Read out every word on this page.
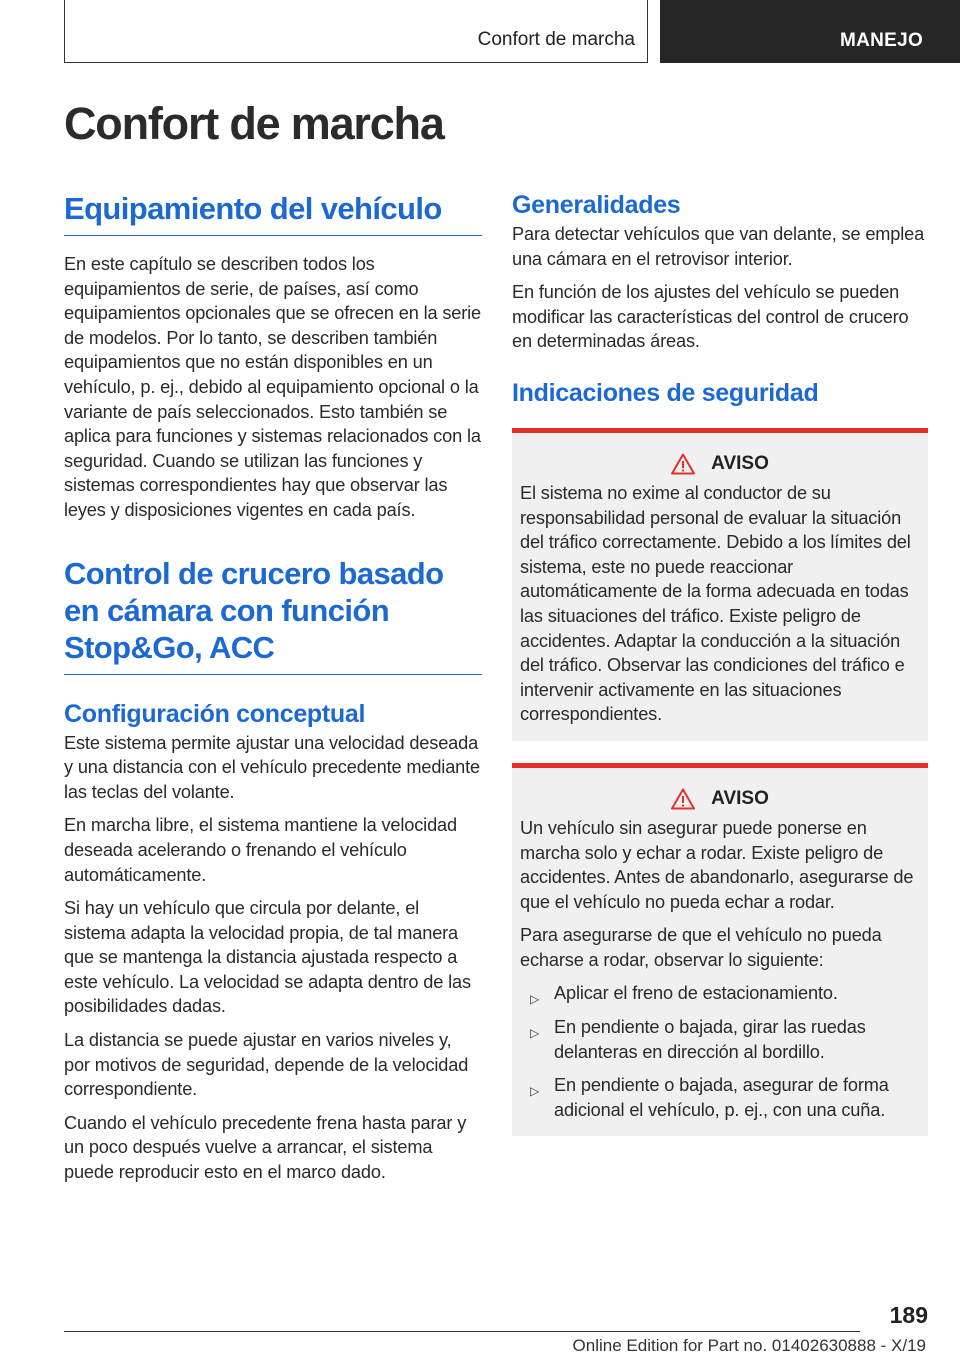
Confort de marcha	MANEJO
Confort de marcha
Equipamiento del vehículo

En este capítulo se describen todos los equipamientos de serie, de países, así como equipamientos opcionales que se ofrecen en la serie de modelos. Por lo tanto, se describen también equipamientos que no están disponibles en un vehículo, p. ej., debido al equipamiento opcional o la variante de país seleccionados. Esto también se aplica para funciones y sistemas relacionados con la seguridad. Cuando se utilizan las funciones y sistemas correspondientes hay que observar las leyes y disposiciones vigentes en cada país.

Control de crucero basado en cámara con función Stop&Go, ACC
Configuración conceptual

Este sistema permite ajustar una velocidad deseada y una distancia con el vehículo precedente mediante las teclas del volante.

En marcha libre, el sistema mantiene la velocidad deseada acelerando o frenando el vehículo automáticamente.

Si hay un vehículo que circula por delante, el sistema adapta la velocidad propia, de tal manera que se mantenga la distancia ajustada respecto a este vehículo. La velocidad se adapta dentro de las posibilidades dadas.

La distancia se puede ajustar en varios niveles y, por motivos de seguridad, depende de la velocidad correspondiente.

Cuando el vehículo precedente frena hasta parar y un poco después vuelve a arrancar, el sistema puede reproducir esto en el marco dado.

Generalidades

Para detectar vehículos que van delante, se emplea una cámara en el retrovisor interior.

En función de los ajustes del vehículo se pueden modificar las características del control de crucero en determinadas áreas.

Indicaciones de seguridad
AVISO

El sistema no exime al conductor de su responsabilidad personal de evaluar la situación del tráfico correctamente. Debido a los límites del sistema, este no puede reaccionar automáticamente de la forma adecuada en todas las situaciones del tráfico. Existe peligro de accidentes. Adaptar la conducción a la situación del tráfico. Observar las condiciones del tráfico e intervenir activamente en las situaciones correspondientes.

AVISO

Un vehículo sin asegurar puede ponerse en marcha solo y echar a rodar. Existe peligro de accidentes. Antes de abandonarlo, asegurarse de que el vehículo no pueda echar a rodar.

Para asegurarse de que el vehículo no pueda echarse a rodar, observar lo siguiente:

▷ Aplicar el freno de estacionamiento.
▷ En pendiente o bajada, girar las ruedas delanteras en dirección al bordillo.
▷ En pendiente o bajada, asegurar de forma adicional el vehículo, p. ej., con una cuña.
189
Online Edition for Part no. 01402630888 - X/19
